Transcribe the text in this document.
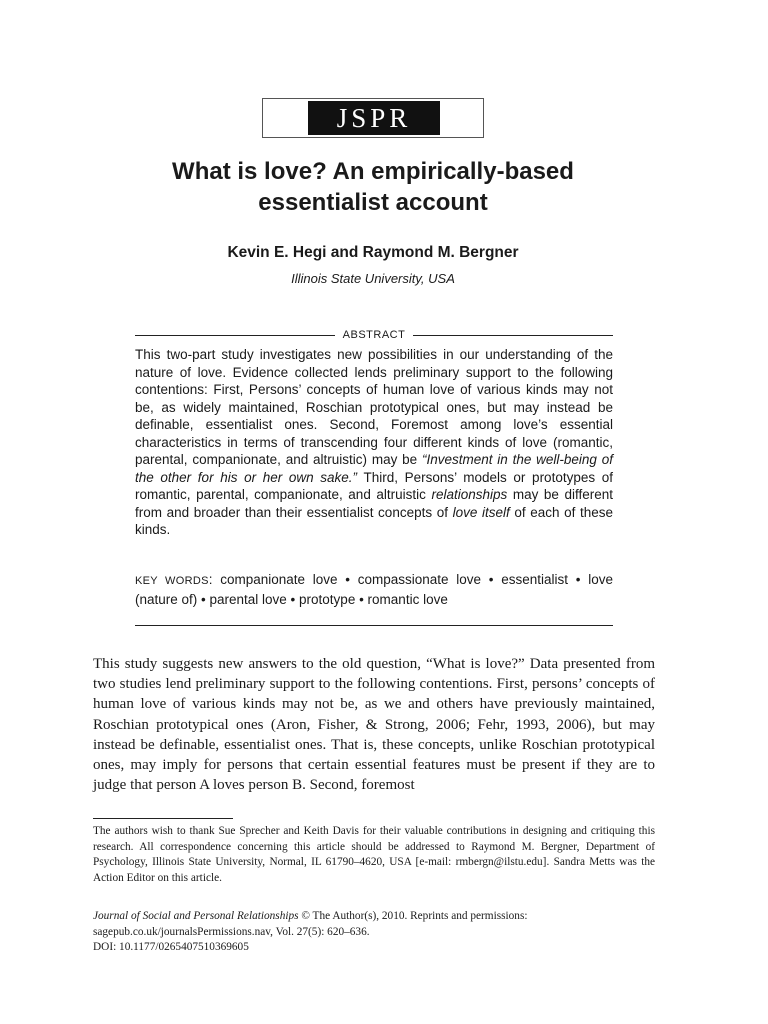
JSPR
What is love? An empirically-based
essentialist account
Kevin E. Hegi and Raymond M. Bergner
Illinois State University, USA
ABSTRACT

This two-part study investigates new possibilities in our understanding of the nature of love. Evidence collected lends preliminary support to the following contentions: First, Persons’ concepts of human love of various kinds may not be, as widely maintained, Roschian prototypical ones, but may instead be definable, essentialist ones. Second, Foremost among love’s essential characteristics in terms of transcending four different kinds of love (romantic, parental, companionate, and altruistic) may be “Investment in the well-being of the other for his or her own sake.” Third, Persons’ models or prototypes of romantic, parental, companionate, and altruistic relationships may be different from and broader than their essentialist concepts of love itself of each of these kinds.

KEY WORDS: companionate love • compassionate love • essentialist • love (nature of) • parental love • prototype • romantic love

This study suggests new answers to the old question, “What is love?” Data presented from two studies lend preliminary support to the following contentions. First, persons’ concepts of human love of various kinds may not be, as we and others have previously maintained, Roschian prototypical ones (Aron, Fisher, & Strong, 2006; Fehr, 1993, 2006), but may instead be definable, essentialist ones. That is, these concepts, unlike Roschian prototypical ones, may imply for persons that certain essential features must be present if they are to judge that person A loves person B. Second, foremost

The authors wish to thank Sue Sprecher and Keith Davis for their valuable contributions in designing and critiquing this research. All correspondence concerning this article should be addressed to Raymond M. Bergner, Department of Psychology, Illinois State University, Normal, IL 61790–4620, USA [e-mail: rmbergn@ilstu.edu]. Sandra Metts was the Action Editor on this article.

Journal of Social and Personal Relationships © The Author(s), 2010. Reprints and permissions: sagepub.co.uk/journalsPermissions.nav, Vol. 27(5): 620–636.
DOI: 10.1177/0265407510369605
